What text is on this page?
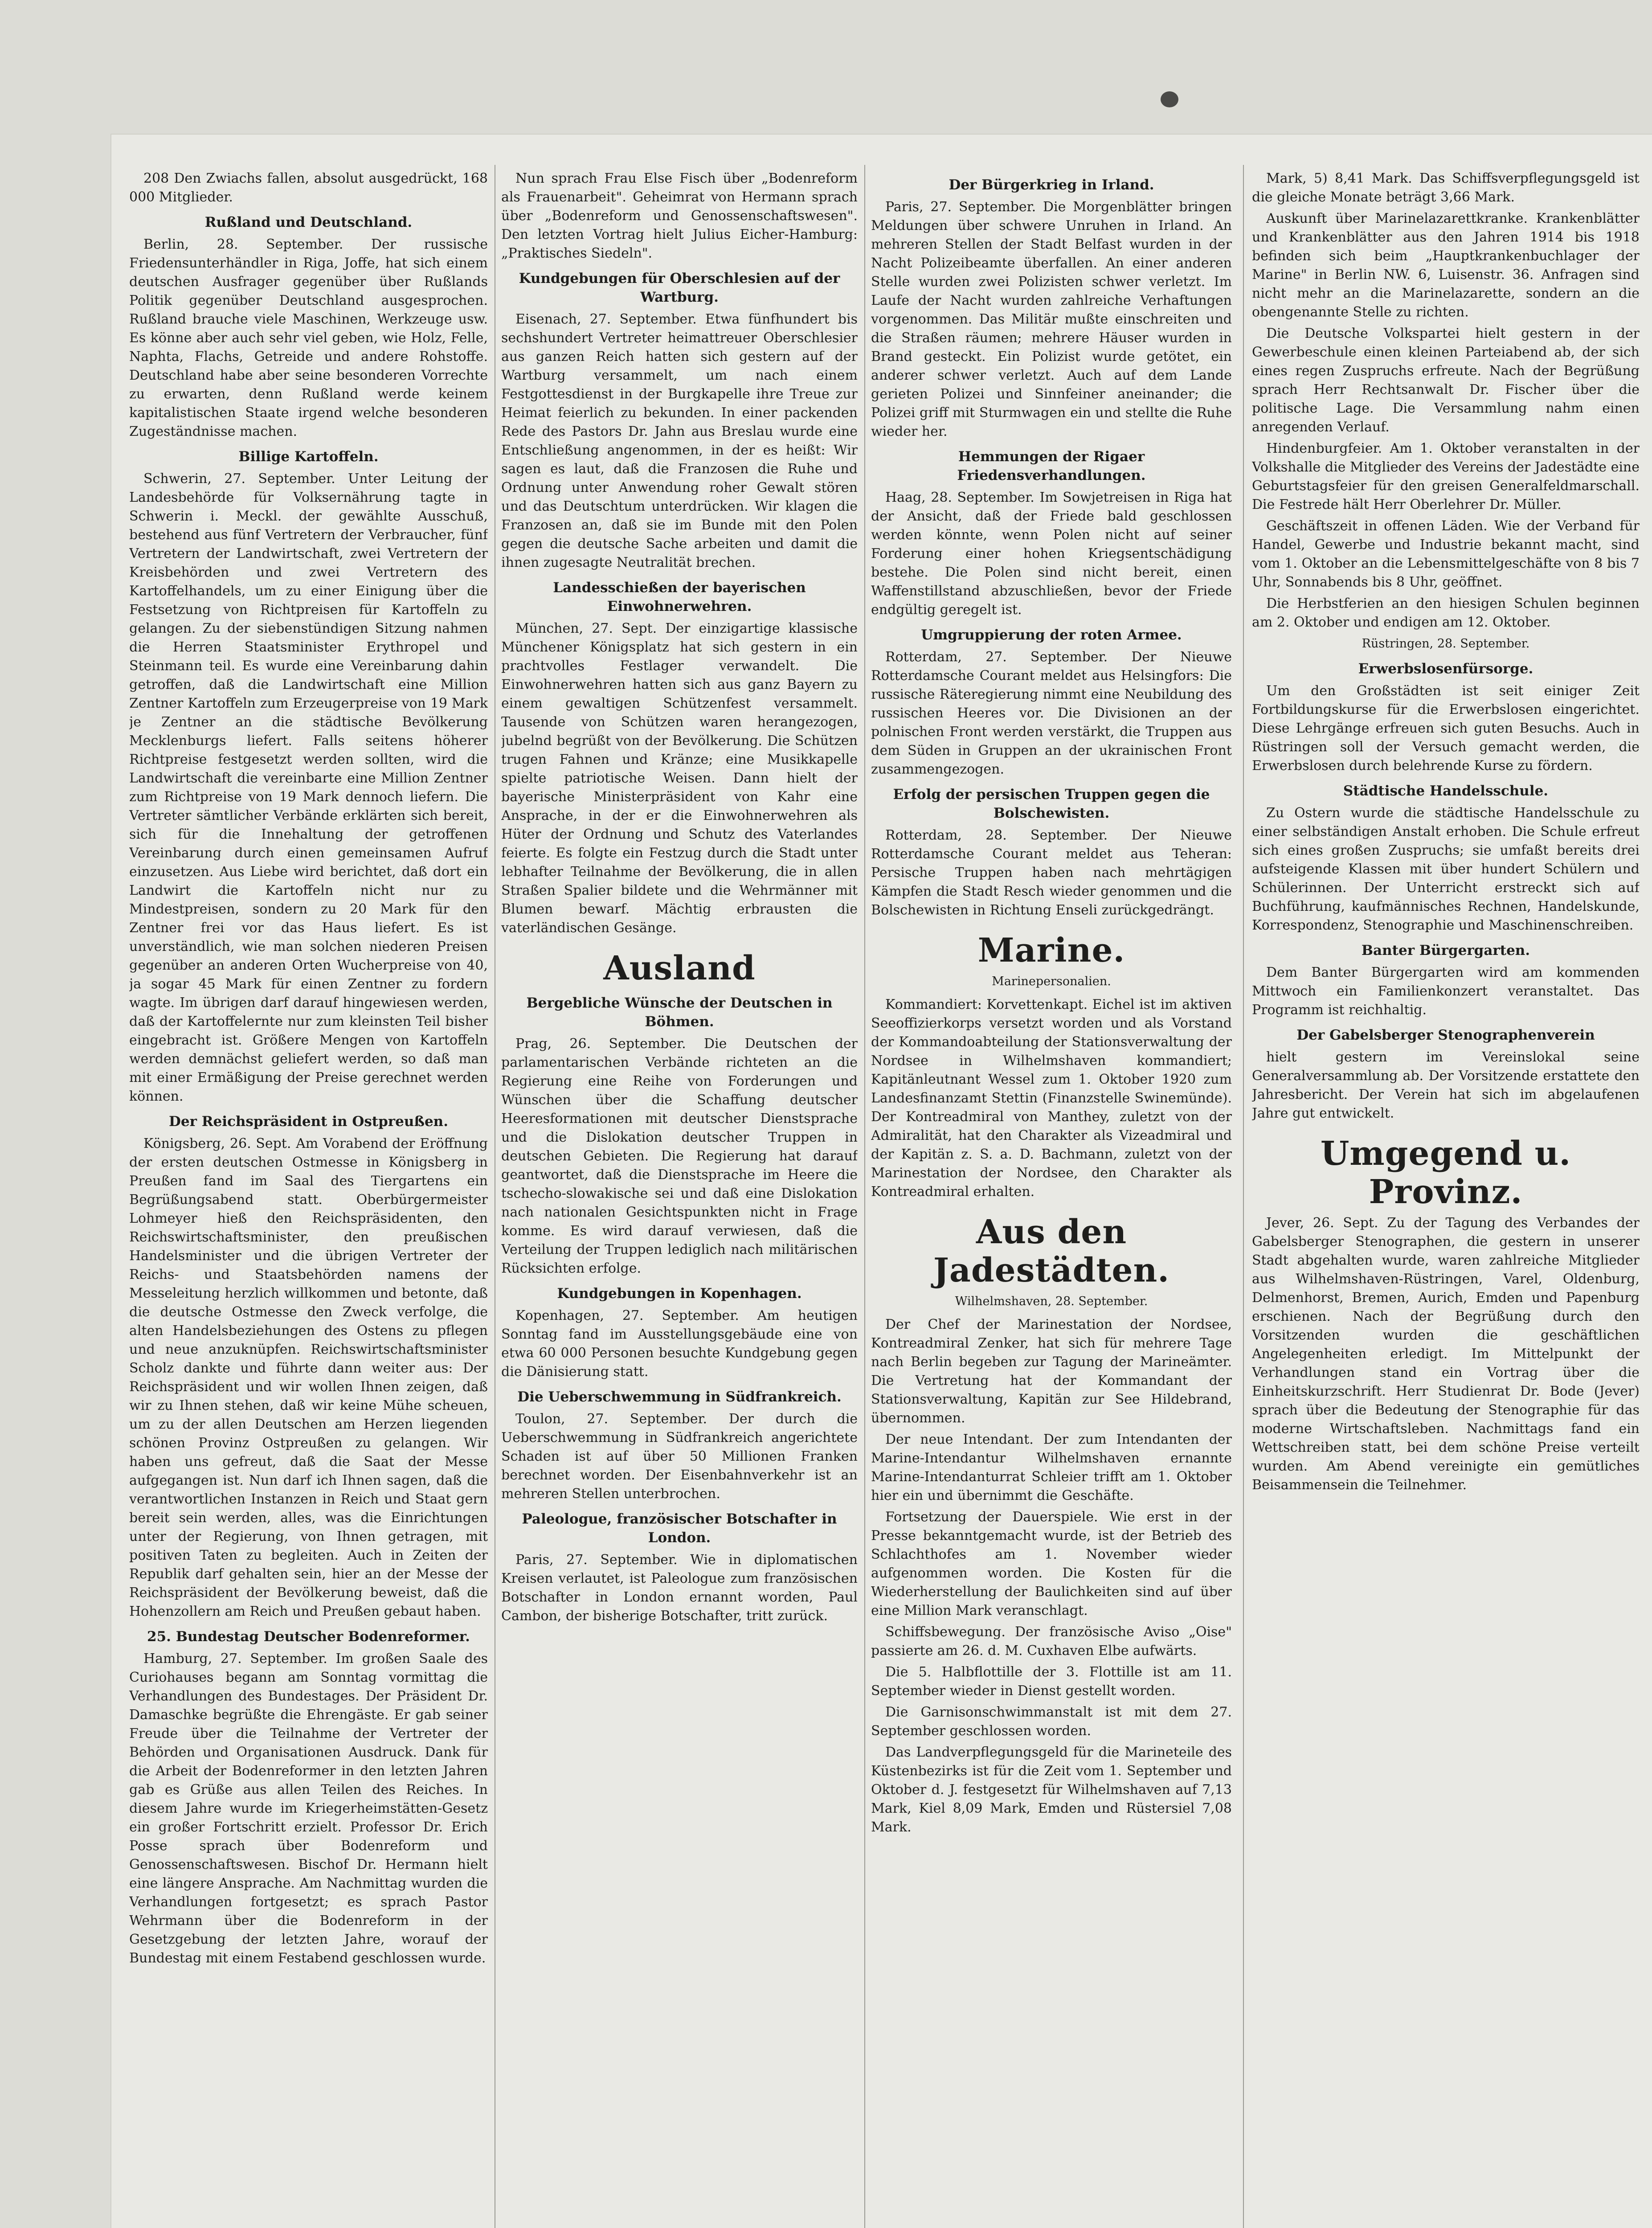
208 Den Zwiachs fallen, absolut ausgedrückt, 168 000 Mitglieder.

Rußland und Deutschland.

Berlin, 28. September. Der russische Friedensunterhändler in Riga, Joffe, hat sich einem deutschen Ausfrager gegenüber über Rußlands Politik gegenüber Deutschland ausgesprochen. Rußland brauche viele Maschinen, Werkzeuge usw. Es könne aber auch sehr viel geben, wie Holz, Felle, Naphta, Flachs, Getreide und andere Rohstoffe. Deutschland habe aber seine besonderen Vorrechte zu erwarten, denn Rußland werde keinem kapitalistischen Staate irgend welche besonderen Zugeständnisse machen.

Billige Kartoffeln.

Schwerin, 27. September. Unter Leitung der Landesbehörde für Volksernährung tagte in Schwerin i. Meckl. der gewählte Ausschuß, bestehend aus fünf Vertretern der Verbraucher, fünf Vertretern der Landwirtschaft, zwei Vertretern der Kreisbehörden und zwei Vertretern des Kartoffelhandels, um zu einer Einigung über die Festsetzung von Richtpreisen für Kartoffeln zu gelangen. Zu der siebenstündigen Sitzung nahmen die Herren Staatsminister Erythropel und Steinmann teil. Es wurde eine Vereinbarung dahin getroffen, daß die Landwirtschaft eine Million Zentner Kartoffeln zum Erzeugerpreise von 19 Mark je Zentner an die städtische Bevölkerung Mecklenburgs liefert. Falls seitens höherer Richtpreise festgesetzt werden sollten, wird die Landwirtschaft die vereinbarte eine Million Zentner zum Richtpreise von 19 Mark dennoch liefern. Die Vertreter sämtlicher Verbände erklärten sich bereit, sich für die Innehaltung der getroffenen Vereinbarung durch einen gemeinsamen Aufruf einzusetzen. Aus Liebe wird berichtet, daß dort ein Landwirt die Kartoffeln nicht nur zu Mindestpreisen, sondern zu 20 Mark für den Zentner frei vor das Haus liefert. Es ist unverständlich, wie man solchen niederen Preisen gegenüber an anderen Orten Wucherpreise von 40, ja sogar 45 Mark für einen Zentner zu fordern wagte. Im übrigen darf darauf hingewiesen werden, daß der Kartoffelernte nur zum kleinsten Teil bisher eingebracht ist. Größere Mengen von Kartoffeln werden demnächst geliefert werden, so daß man mit einer Ermäßigung der Preise gerechnet werden können.

Der Reichspräsident in Ostpreußen.

Königsberg, 26. Sept. Am Vorabend der Eröffnung der ersten deutschen Ostmesse in Königsberg in Preußen fand im Saal des Tiergartens ein Begrüßungsabend statt. Oberbürgermeister Lohmeyer hieß den Reichspräsidenten, den Reichswirtschaftsminister, den preußischen Handelsminister und die übrigen Vertreter der Reichs- und Staatsbehörden namens der Messeleitung herzlich willkommen und betonte, daß die deutsche Ostmesse den Zweck verfolge, die alten Handelsbeziehungen des Ostens zu pflegen und neue anzuknüpfen. Reichswirtschaftsminister Scholz dankte und führte dann weiter aus: Der Reichspräsident und wir wollen Ihnen zeigen, daß wir zu Ihnen stehen, daß wir keine Mühe scheuen, um zu der allen Deutschen am Herzen liegenden schönen Provinz Ostpreußen zu gelangen. Wir haben uns gefreut, daß die Saat der Messe aufgegangen ist. Nun darf ich Ihnen sagen, daß die verantwortlichen Instanzen in Reich und Staat gern bereit sein werden, alles, was die Einrichtungen unter der Regierung, von Ihnen getragen, mit positiven Taten zu begleiten. Auch in Zeiten der Republik darf gehalten sein, hier an der Messe der Reichspräsident der Bevölkerung beweist, daß die Hohenzollern am Reich und Preußen gebaut haben.

25. Bundestag Deutscher Bodenreformer.

Hamburg, 27. September. Im großen Saale des Curiohauses begann am Sonntag vormittag die Verhandlungen des Bundestages. Der Präsident Dr. Damaschke begrüßte die Ehrengäste. Er gab seiner Freude über die Teilnahme der Vertreter der Behörden und Organisationen Ausdruck. Dank für die Arbeit der Bodenreformer in den letzten Jahren gab es Grüße aus allen Teilen des Reiches. In diesem Jahre wurde im Kriegerheimstätten-Gesetz ein großer Fortschritt erzielt. Professor Dr. Erich Posse sprach über Bodenreform und Genossenschaftswesen. Bischof Dr. Hermann hielt eine längere Ansprache. Am Nachmittag wurden die Verhandlungen fortgesetzt; es sprach Pastor Wehrmann über die Bodenreform in der Gesetzgebung der letzten Jahre, worauf der Bundestag mit einem Festabend geschlossen wurde.

Nun sprach Frau Else Fisch über „Bodenreform als Frauenarbeit". Geheimrat von Hermann sprach über „Bodenreform und Genossenschaftswesen". Den letzten Vortrag hielt Julius Eicher-Hamburg: „Praktisches Siedeln".

Kundgebungen für Oberschlesien auf der Wartburg.

Eisenach, 27. September. Etwa fünfhundert bis sechshundert Vertreter heimattreuer Oberschlesier aus ganzen Reich hatten sich gestern auf der Wartburg versammelt, um nach einem Festgottesdienst in der Burgkapelle ihre Treue zur Heimat feierlich zu bekunden. In einer packenden Rede des Pastors Dr. Jahn aus Breslau wurde eine Entschließung angenommen, in der es heißt: Wir sagen es laut, daß die Franzosen die Ruhe und Ordnung unter Anwendung roher Gewalt stören und das Deutschtum unterdrücken. Wir klagen die Franzosen an, daß sie im Bunde mit den Polen gegen die deutsche Sache arbeiten und damit die ihnen zugesagte Neutralität brechen.

Landesschießen der bayerischen Einwohnerwehren.

München, 27. Sept. Der einzigartige klassische Münchener Königsplatz hat sich gestern in ein prachtvolles Festlager verwandelt. Die Einwohnerwehren hatten sich aus ganz Bayern zu einem gewaltigen Schützenfest versammelt. Tausende von Schützen waren herangezogen, jubelnd begrüßt von der Bevölkerung. Die Schützen trugen Fahnen und Kränze; eine Musikkapelle spielte patriotische Weisen. Dann hielt der bayerische Ministerpräsident von Kahr eine Ansprache, in der er die Einwohnerwehren als Hüter der Ordnung und Schutz des Vaterlandes feierte. Es folgte ein Festzug durch die Stadt unter lebhafter Teilnahme der Bevölkerung, die in allen Straßen Spalier bildete und die Wehrmänner mit Blumen bewarf. Mächtig erbrausten die vaterländischen Gesänge.

Ausland
Bergebliche Wünsche der Deutschen in Böhmen.

Prag, 26. September. Die Deutschen der parlamentarischen Verbände richteten an die Regierung eine Reihe von Forderungen und Wünschen über die Schaffung deutscher Heeresformationen mit deutscher Dienstsprache und die Dislokation deutscher Truppen in deutschen Gebieten. Die Regierung hat darauf geantwortet, daß die Dienstsprache im Heere die tschecho-slowakische sei und daß eine Dislokation nach nationalen Gesichtspunkten nicht in Frage komme. Es wird darauf verwiesen, daß die Verteilung der Truppen lediglich nach militärischen Rücksichten erfolge.

Kundgebungen in Kopenhagen.

Kopenhagen, 27. September. Am heutigen Sonntag fand im Ausstellungsgebäude eine von etwa 60 000 Personen besuchte Kundgebung gegen die Dänisierung statt.

Die Ueberschwemmung in Südfrankreich.

Toulon, 27. September. Der durch die Ueberschwemmung in Südfrankreich angerichtete Schaden ist auf über 50 Millionen Franken berechnet worden. Der Eisenbahnverkehr ist an mehreren Stellen unterbrochen.

Paleologue, französischer Botschafter in London.

Paris, 27. September. Wie in diplomatischen Kreisen verlautet, ist Paleologue zum französischen Botschafter in London ernannt worden, Paul Cambon, der bisherige Botschafter, tritt zurück.

Der Bürgerkrieg in Irland.

Paris, 27. September. Die Morgenblätter bringen Meldungen über schwere Unruhen in Irland. An mehreren Stellen der Stadt Belfast wurden in der Nacht Polizeibeamte überfallen. An einer anderen Stelle wurden zwei Polizisten schwer verletzt. Im Laufe der Nacht wurden zahlreiche Verhaftungen vorgenommen. Das Militär mußte einschreiten und die Straßen räumen; mehrere Häuser wurden in Brand gesteckt. Ein Polizist wurde getötet, ein anderer schwer verletzt. Auch auf dem Lande gerieten Polizei und Sinnfeiner aneinander; die Polizei griff mit Sturmwagen ein und stellte die Ruhe wieder her.

Hemmungen der Rigaer Friedensverhandlungen.

Haag, 28. September. Im Sowjetreisen in Riga hat der Ansicht, daß der Friede bald geschlossen werden könnte, wenn Polen nicht auf seiner Forderung einer hohen Kriegsentschädigung bestehe. Die Polen sind nicht bereit, einen Waffenstillstand abzuschließen, bevor der Friede endgültig geregelt ist.

Umgruppierung der roten Armee.

Rotterdam, 27. September. Der Nieuwe Rotterdamsche Courant meldet aus Helsingfors: Die russische Räteregierung nimmt eine Neubildung des russischen Heeres vor. Die Divisionen an der polnischen Front werden verstärkt, die Truppen aus dem Süden in Gruppen an der ukrainischen Front zusammengezogen.

Erfolg der persischen Truppen gegen die Bolschewisten.

Rotterdam, 28. September. Der Nieuwe Rotterdamsche Courant meldet aus Teheran: Persische Truppen haben nach mehrtägigen Kämpfen die Stadt Resch wieder genommen und die Bolschewisten in Richtung Enseli zurückgedrängt.

Marine.
Marinepersonalien.

Kommandiert: Korvettenkapt. Eichel ist im aktiven Seeoffizierkorps versetzt worden und als Vorstand der Kommandoabteilung der Stationsverwaltung der Nordsee in Wilhelmshaven kommandiert; Kapitänleutnant Wessel zum 1. Oktober 1920 zum Landesfinanzamt Stettin (Finanzstelle Swinemünde). Der Kontreadmiral von Manthey, zuletzt von der Admiralität, hat den Charakter als Vizeadmiral und der Kapitän z. S. a. D. Bachmann, zuletzt von der Marinestation der Nordsee, den Charakter als Kontreadmiral erhalten.

Aus den Jadestädten.
Wilhelmshaven, 28. September.

Der Chef der Marinestation der Nordsee, Kontreadmiral Zenker, hat sich für mehrere Tage nach Berlin begeben zur Tagung der Marineämter. Die Vertretung hat der Kommandant der Stationsverwaltung, Kapitän zur See Hildebrand, übernommen.

Der neue Intendant. Der zum Intendanten der Marine-Intendantur Wilhelmshaven ernannte Marine-Intendanturrat Schleier trifft am 1. Oktober hier ein und übernimmt die Geschäfte.

Fortsetzung der Dauerspiele. Wie erst in der Presse bekanntgemacht wurde, ist der Betrieb des Schlachthofes am 1. November wieder aufgenommen worden. Die Kosten für die Wiederherstellung der Baulichkeiten sind auf über eine Million Mark veranschlagt.

Schiffsbewegung. Der französische Aviso „Oise" passierte am 26. d. M. Cuxhaven Elbe aufwärts.

Die 5. Halbflottille der 3. Flottille ist am 11. September wieder in Dienst gestellt worden.

Die Garnisonschwimmanstalt ist mit dem 27. September geschlossen worden.

Das Landverpflegungsgeld für die Marineteile des Küstenbezirks ist für die Zeit vom 1. September und Oktober d. J. festgesetzt für Wilhelmshaven auf 7,13 Mark, Kiel 8,09 Mark, Emden und Rüstersiel 7,08 Mark.

Mark, 5) 8,41 Mark. Das Schiffsverpflegungsgeld ist die gleiche Monate beträgt 3,66 Mark.

Auskunft über Marinelazarettkranke. Krankenblätter und Krankenblätter aus den Jahren 1914 bis 1918 befinden sich beim „Hauptkrankenbuchlager der Marine" in Berlin NW. 6, Luisenstr. 36. Anfragen sind nicht mehr an die Marinelazarette, sondern an die obengenannte Stelle zu richten.

Die Deutsche Volkspartei hielt gestern in der Gewerbeschule einen kleinen Parteiabend ab, der sich eines regen Zuspruchs erfreute. Nach der Begrüßung sprach Herr Rechtsanwalt Dr. Fischer über die politische Lage. Die Versammlung nahm einen anregenden Verlauf.

Hindenburgfeier. Am 1. Oktober veranstalten in der Volkshalle die Mitglieder des Vereins der Jadestädte eine Geburtstagsfeier für den greisen Generalfeldmarschall. Die Festrede hält Herr Oberlehrer Dr. Müller.

Geschäftszeit in offenen Läden. Wie der Verband für Handel, Gewerbe und Industrie bekannt macht, sind vom 1. Oktober an die Lebensmittelgeschäfte von 8 bis 7 Uhr, Sonnabends bis 8 Uhr, geöffnet.

Die Herbstferien an den hiesigen Schulen beginnen am 2. Oktober und endigen am 12. Oktober.

Rüstringen, 28. September.
Erwerbslosenfürsorge.

Um den Großstädten ist seit einiger Zeit Fortbildungskurse für die Erwerbslosen eingerichtet. Diese Lehrgänge erfreuen sich guten Besuchs. Auch in Rüstringen soll der Versuch gemacht werden, die Erwerbslosen durch belehrende Kurse zu fördern.

Städtische Handelsschule.

Zu Ostern wurde die städtische Handelsschule zu einer selbständigen Anstalt erhoben. Die Schule erfreut sich eines großen Zuspruchs; sie umfaßt bereits drei aufsteigende Klassen mit über hundert Schülern und Schülerinnen. Der Unterricht erstreckt sich auf Buchführung, kaufmännisches Rechnen, Handelskunde, Korrespondenz, Stenographie und Maschinenschreiben.

Banter Bürgergarten.

Dem Banter Bürgergarten wird am kommenden Mittwoch ein Familienkonzert veranstaltet. Das Programm ist reichhaltig.

Der Gabelsberger Stenographenverein

hielt gestern im Vereinslokal seine Generalversammlung ab. Der Vorsitzende erstattete den Jahresbericht. Der Verein hat sich im abgelaufenen Jahre gut entwickelt.

Umgegend u. Provinz.

Jever, 26. Sept. Zu der Tagung des Verbandes der Gabelsberger Stenographen, die gestern in unserer Stadt abgehalten wurde, waren zahlreiche Mitglieder aus Wilhelmshaven-Rüstringen, Varel, Oldenburg, Delmenhorst, Bremen, Aurich, Emden und Papenburg erschienen. Nach der Begrüßung durch den Vorsitzenden wurden die geschäftlichen Angelegenheiten erledigt. Im Mittelpunkt der Verhandlungen stand ein Vortrag über die Einheitskurzschrift. Herr Studienrat Dr. Bode (Jever) sprach über die Bedeutung der Stenographie für das moderne Wirtschaftsleben. Nachmittags fand ein Wettschreiben statt, bei dem schöne Preise verteilt wurden. Am Abend vereinigte ein gemütliches Beisammensein die Teilnehmer.
